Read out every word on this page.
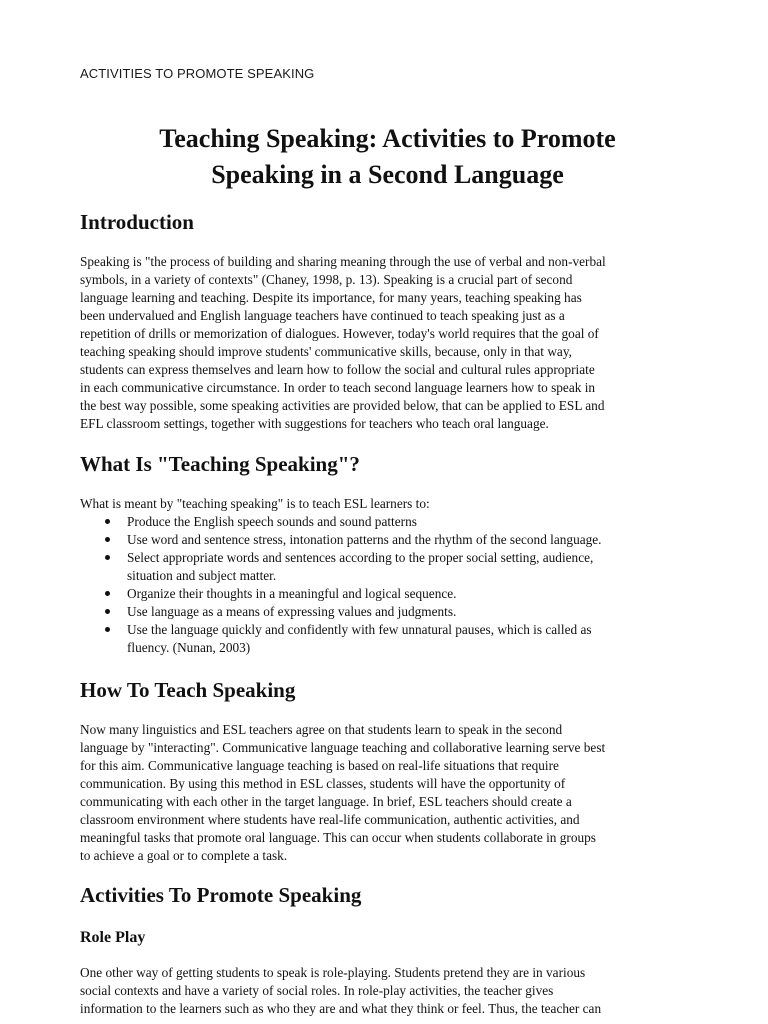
ACTIVITIES TO PROMOTE SPEAKING
Teaching Speaking: Activities to Promote
Speaking in a Second Language
Introduction
Speaking is "the process of building and sharing meaning through the use of verbal and non-verbal
symbols, in a variety of contexts" (Chaney, 1998, p. 13). Speaking is a crucial part of second
language learning and teaching. Despite its importance, for many years, teaching speaking has
been undervalued and English language teachers have continued to teach speaking just as a
repetition of drills or memorization of dialogues. However, today's world requires that the goal of
teaching speaking should improve students' communicative skills, because, only in that way,
students can express themselves and learn how to follow the social and cultural rules appropriate
in each communicative circumstance. In order to teach second language learners how to speak in
the best way possible, some speaking activities are provided below, that can be applied to ESL and
EFL classroom settings, together with suggestions for teachers who teach oral language.
What Is "Teaching Speaking"?
What is meant by "teaching speaking" is to teach ESL learners to:
Produce the English speech sounds and sound patterns
Use word and sentence stress, intonation patterns and the rhythm of the second language.
Select appropriate words and sentences according to the proper social setting, audience,
situation and subject matter.
Organize their thoughts in a meaningful and logical sequence.
Use language as a means of expressing values and judgments.
Use the language quickly and confidently with few unnatural pauses, which is called as
fluency. (Nunan, 2003)
How To Teach Speaking
Now many linguistics and ESL teachers agree on that students learn to speak in the second
language by "interacting". Communicative language teaching and collaborative learning serve best
for this aim. Communicative language teaching is based on real-life situations that require
communication. By using this method in ESL classes, students will have the opportunity of
communicating with each other in the target language. In brief, ESL teachers should create a
classroom environment where students have real-life communication, authentic activities, and
meaningful tasks that promote oral language. This can occur when students collaborate in groups
to achieve a goal or to complete a task.
Activities To Promote Speaking
Role Play
One other way of getting students to speak is role-playing. Students pretend they are in various
social contexts and have a variety of social roles. In role-play activities, the teacher gives
information to the learners such as who they are and what they think or feel. Thus, the teacher can
